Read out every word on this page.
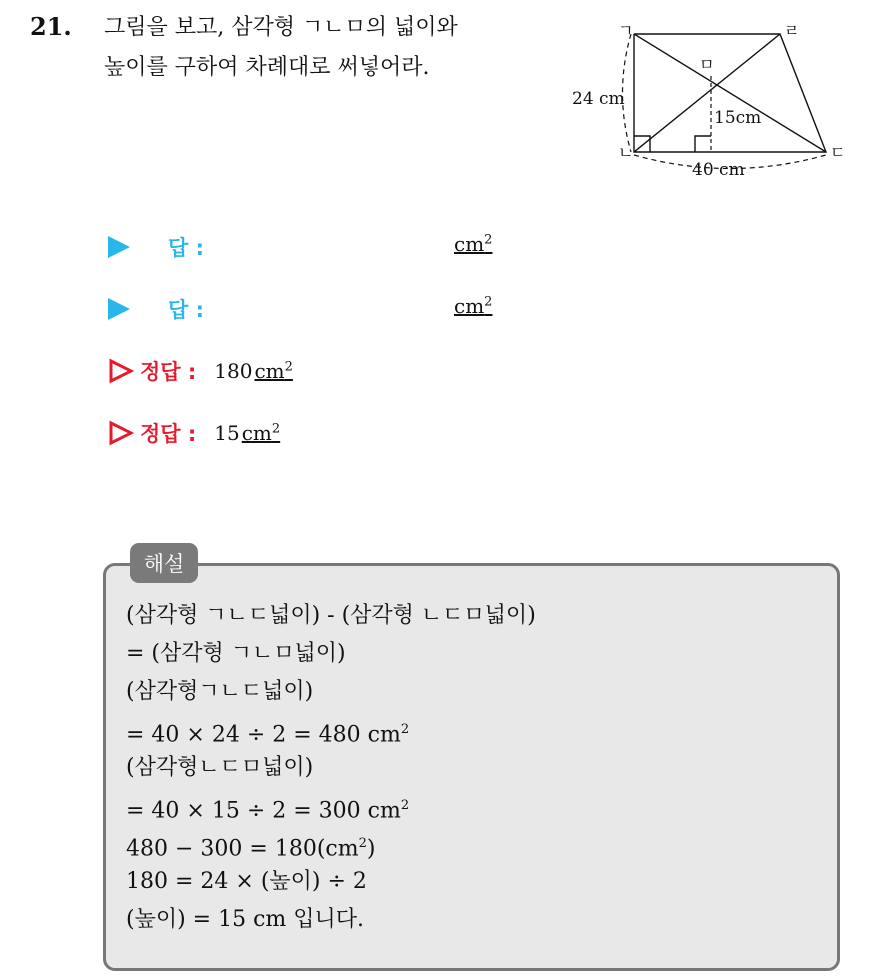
21. 그림을 보고, 삼각형 ㄱㄴㅁ의 넓이와
높이를 구하여 차례대로 써넣어라.
ㄱ
ㄴ	ㄷ
ㄹ
ㅁ
24 cm
15cm
40 cm
답 :	$cm^2$
답 :	$cm^2$
정답 : 180 $cm^2$
정답 : 15 $cm^2$
해설
(삼각형 ㄱㄴㄷ넓이) - (삼각형 ㄴㄷㅁ넓이)
= (삼각형 ㄱㄴㅁ넓이)
(삼각형ㄱㄴㄷ넓이)
= 40 × 24 ÷ 2 = 480 $cm^2$
(삼각형ㄴㄷㅁ넓이)
= 40 × 15 ÷ 2 = 300 $cm^2$
$480 - 300 = 180(cm^2)$
180 = 24 × (높이) ÷ 2
(높이) = 15 cm 입니다.
